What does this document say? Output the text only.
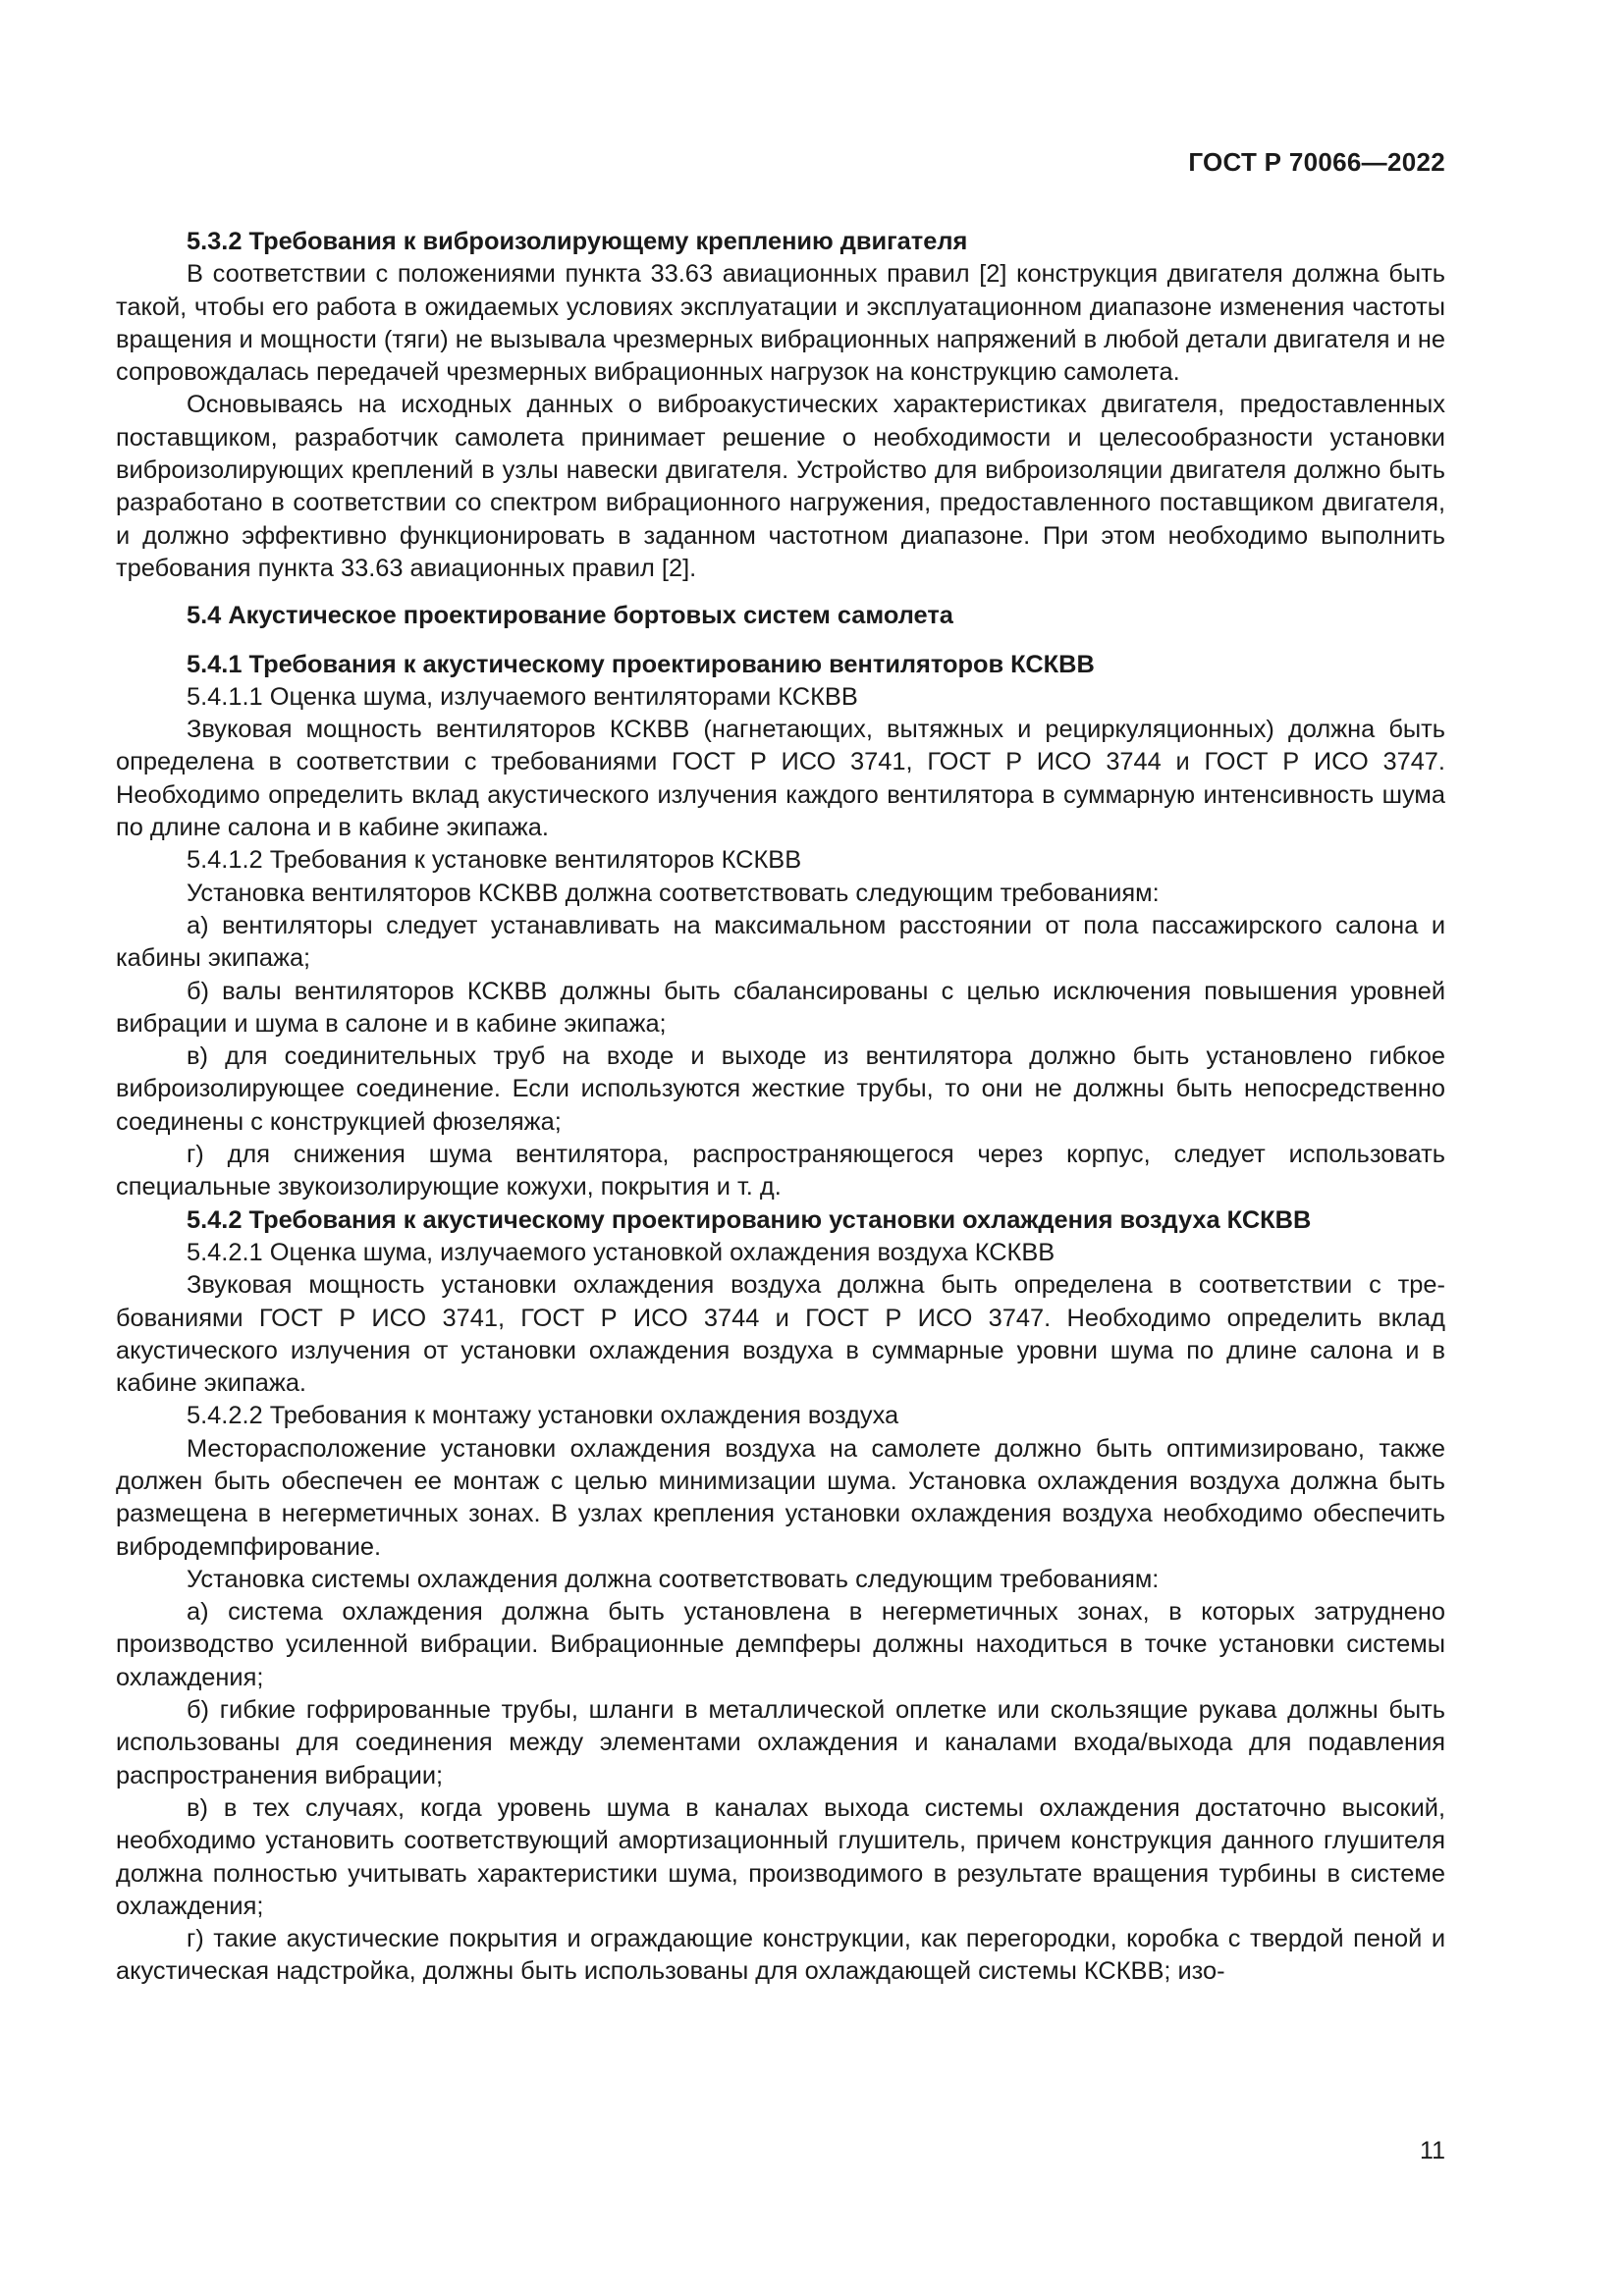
ГОСТ Р 70066—2022

5.3.2 Требования к виброизолирующему креплению двигателя

В соответствии с положениями пункта 33.63 авиационных правил [2] конструкция двигателя должна быть такой, чтобы его работа в ожидаемых условиях эксплуатации и эксплуатационном диапазоне изменения частоты вращения и мощности (тяги) не вызывала чрезмерных вибрационных напряжений в любой детали двигателя и не сопровождалась передачей чрезмерных вибрационных нагрузок на конструкцию самолета.

Основываясь на исходных данных о виброакустических характеристиках двигателя, предоставленных поставщиком, разработчик самолета принимает решение о необходимости и целесообразности установки виброизолирующих креплений в узлы навески двигателя. Устройство для виброизоляции двигателя должно быть разработано в соответствии со спектром вибрационного нагружения, предоставленного поставщиком двигателя, и должно эффективно функционировать в заданном частотном диапазоне. При этом необходимо выполнить требования пункта 33.63 авиационных правил [2].

5.4 Акустическое проектирование бортовых систем самолета

5.4.1 Требования к акустическому проектированию вентиляторов КСКВВ

5.4.1.1 Оценка шума, излучаемого вентиляторами КСКВВ

Звуковая мощность вентиляторов КСКВВ (нагнетающих, вытяжных и рециркуляционных) должна быть определена в соответствии с требованиями ГОСТ Р ИСО 3741, ГОСТ Р ИСО 3744 и ГОСТ Р ИСО 3747. Необходимо определить вклад акустического излучения каждого вентилятора в суммарную интенсивность шума по длине салона и в кабине экипажа.

5.4.1.2 Требования к установке вентиляторов КСКВВ

Установка вентиляторов КСКВВ должна соответствовать следующим требованиям:

а) вентиляторы следует устанавливать на максимальном расстоянии от пола пассажирского салона и кабины экипажа;

б) валы вентиляторов КСКВВ должны быть сбалансированы с целью исключения повышения уровней вибрации и шума в салоне и в кабине экипажа;

в) для соединительных труб на входе и выходе из вентилятора должно быть установлено гибкое виброизолирующее соединение. Если используются жесткие трубы, то они не должны быть непосредственно соединены с конструкцией фюзеляжа;

г) для снижения шума вентилятора, распространяющегося через корпус, следует использовать специальные звукоизолирующие кожухи, покрытия и т. д.

5.4.2 Требования к акустическому проектированию установки охлаждения воздуха КСКВВ

5.4.2.1 Оценка шума, излучаемого установкой охлаждения воздуха КСКВВ

Звуковая мощность установки охлаждения воздуха должна быть определена в соответствии с требованиями ГОСТ Р ИСО 3741, ГОСТ Р ИСО 3744 и ГОСТ Р ИСО 3747. Необходимо определить вклад акустического излучения от установки охлаждения воздуха в суммарные уровни шума по длине салона и в кабине экипажа.

5.4.2.2 Требования к монтажу установки охлаждения воздуха

Месторасположение установки охлаждения воздуха на самолете должно быть оптимизировано, также должен быть обеспечен ее монтаж с целью минимизации шума. Установка охлаждения воздуха должна быть размещена в негерметичных зонах. В узлах крепления установки охлаждения воздуха необходимо обеспечить вибродемпфирование.

Установка системы охлаждения должна соответствовать следующим требованиям:

а) система охлаждения должна быть установлена в негерметичных зонах, в которых затруднено производство усиленной вибрации. Вибрационные демпферы должны находиться в точке установки системы охлаждения;

б) гибкие гофрированные трубы, шланги в металлической оплетке или скользящие рукава должны быть использованы для соединения между элементами охлаждения и каналами входа/выхода для подавления распространения вибрации;

в) в тех случаях, когда уровень шума в каналах выхода системы охлаждения достаточно высокий, необходимо установить соответствующий амортизационный глушитель, причем конструкция данного глушителя должна полностью учитывать характеристики шума, производимого в результате вращения турбины в системе охлаждения;

г) такие акустические покрытия и ограждающие конструкции, как перегородки, коробка с твердой пеной и акустическая надстройка, должны быть использованы для охлаждающей системы КСКВВ; изо-

11
